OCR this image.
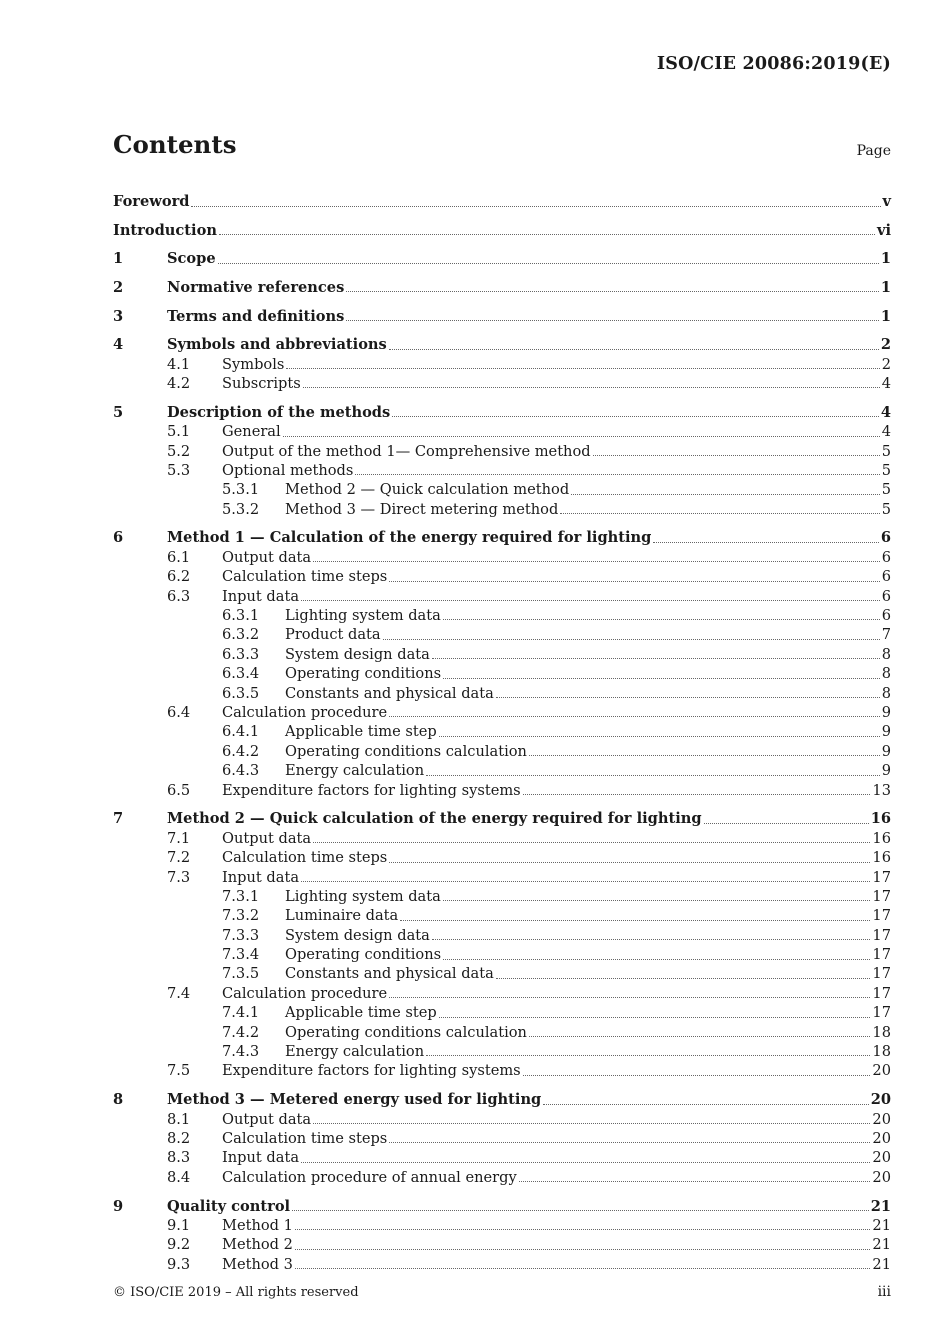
ISO/CIE 20086:2019(E)
Contents	Page
Foreword	v
Introduction	vi
1	Scope	1
2	Normative references	1
3	Terms and definitions	1
4	Symbols and abbreviations	2
4.1	Symbols	2
4.2	Subscripts	4
5	Description of the methods	4
5.1	General	4
5.2	Output of the method 1— Comprehensive method	5
5.3	Optional methods	5
5.3.1	Method 2 — Quick calculation method	5
5.3.2	Method 3 — Direct metering method	5
6	Method 1 — Calculation of the energy required for lighting	6
6.1	Output data	6
6.2	Calculation time steps	6
6.3	Input data	6
6.3.1	Lighting system data	6
6.3.2	Product data	7
6.3.3	System design data	8
6.3.4	Operating conditions	8
6.3.5	Constants and physical data	8
6.4	Calculation procedure	9
6.4.1	Applicable time step	9
6.4.2	Operating conditions calculation	9
6.4.3	Energy calculation	9
6.5	Expenditure factors for lighting systems	13
7	Method 2 — Quick calculation of the energy required for lighting	16
7.1	Output data	16
7.2	Calculation time steps	16
7.3	Input data	17
7.3.1	Lighting system data	17
7.3.2	Luminaire data	17
7.3.3	System design data	17
7.3.4	Operating conditions	17
7.3.5	Constants and physical data	17
7.4	Calculation procedure	17
7.4.1	Applicable time step	17
7.4.2	Operating conditions calculation	18
7.4.3	Energy calculation	18
7.5	Expenditure factors for lighting systems	20
8	Method 3 — Metered energy used for lighting	20
8.1	Output data	20
8.2	Calculation time steps	20
8.3	Input data	20
8.4	Calculation procedure of annual energy	20
9	Quality control	21
9.1	Method 1	21
9.2	Method 2	21
9.3	Method 3	21
© ISO/CIE 2019 – All rights reserved	iii
